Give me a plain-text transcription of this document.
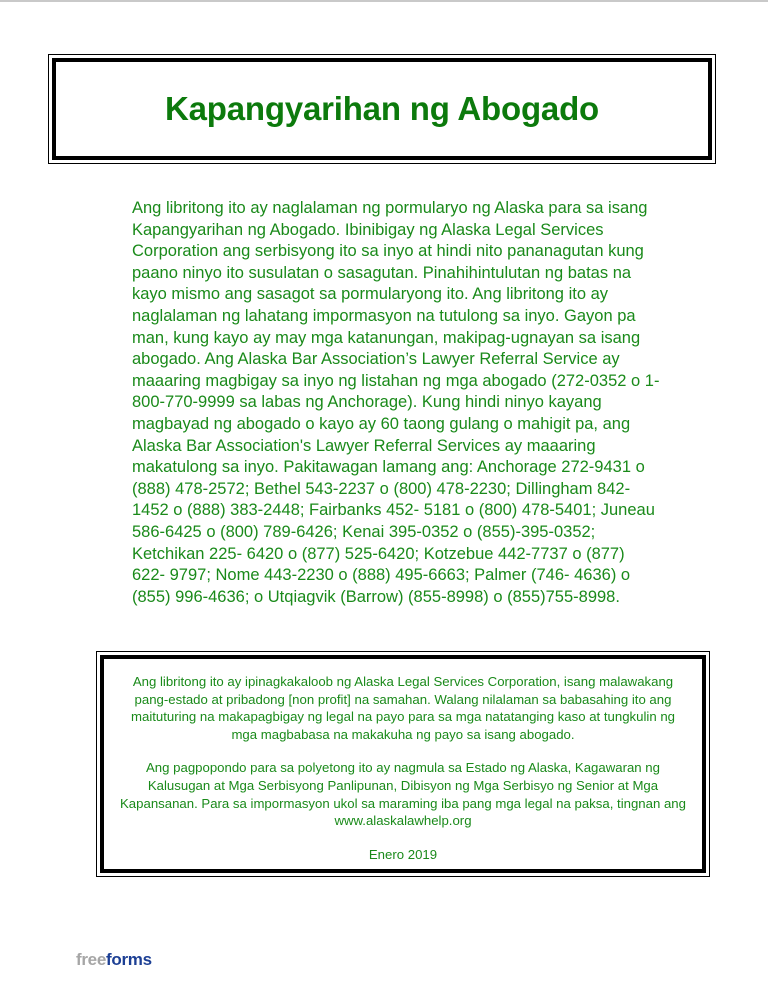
Kapangyarihan ng Abogado

Ang libritong ito ay naglalaman ng pormularyo ng Alaska para sa isang Kapangyarihan ng Abogado. Ibinibigay ng Alaska Legal Services Corporation ang serbisyong ito sa inyo at hindi nito pananagutan kung paano ninyo ito susulatan o sasagutan. Pinahihintulutan ng batas na kayo mismo ang sasagot sa pormularyong ito. Ang libritong ito ay naglalaman ng lahatang impormasyon na tutulong sa inyo. Gayon pa man, kung kayo ay may mga katanungan, makipag-ugnayan sa isang abogado. Ang Alaska Bar Association’s Lawyer Referral Service ay maaaring magbigay sa inyo ng listahan ng mga abogado (272-0352 o 1-800-770-9999 sa labas ng Anchorage). Kung hindi ninyo kayang magbayad ng abogado o kayo ay 60 taong gulang o mahigit pa, ang Alaska Bar Association's Lawyer Referral Services ay maaaring makatulong sa inyo. Pakitawagan lamang ang: Anchorage 272-9431 o (888) 478-2572; Bethel 543-2237 o (800) 478-2230; Dillingham 842-1452 o (888) 383-2448; Fairbanks 452- 5181 o (800) 478-5401; Juneau 586-6425 o (800) 789-6426; Kenai 395-0352 o (855)-395-0352; Ketchikan 225- 6420 o (877) 525-6420; Kotzebue 442-7737 o (877) 622- 9797; Nome 443-2230 o (888) 495-6663; Palmer (746- 4636) o (855) 996-4636; o Utqiagvik (Barrow) (855-8998) o (855)755-8998.

Ang libritong ito ay ipinagkakaloob ng Alaska Legal Services Corporation, isang malawakang pang-estado at pribadong [non profit] na samahan. Walang nilalaman sa babasahing ito ang maituturing na makapagbigay ng legal na payo para sa mga natatanging kaso at tungkulin ng mga magbabasa na makakuha ng payo sa isang abogado.

Ang pagpopondo para sa polyetong ito ay nagmula sa Estado ng Alaska, Kagawaran ng Kalusugan at Mga Serbisyong Panlipunan, Dibisyon ng Mga Serbisyo ng Senior at Mga Kapansanan. Para sa impormasyon ukol sa maraming iba pang mga legal na paksa, tingnan ang www.alaskalawhelp.org

Enero 2019

freeforms
